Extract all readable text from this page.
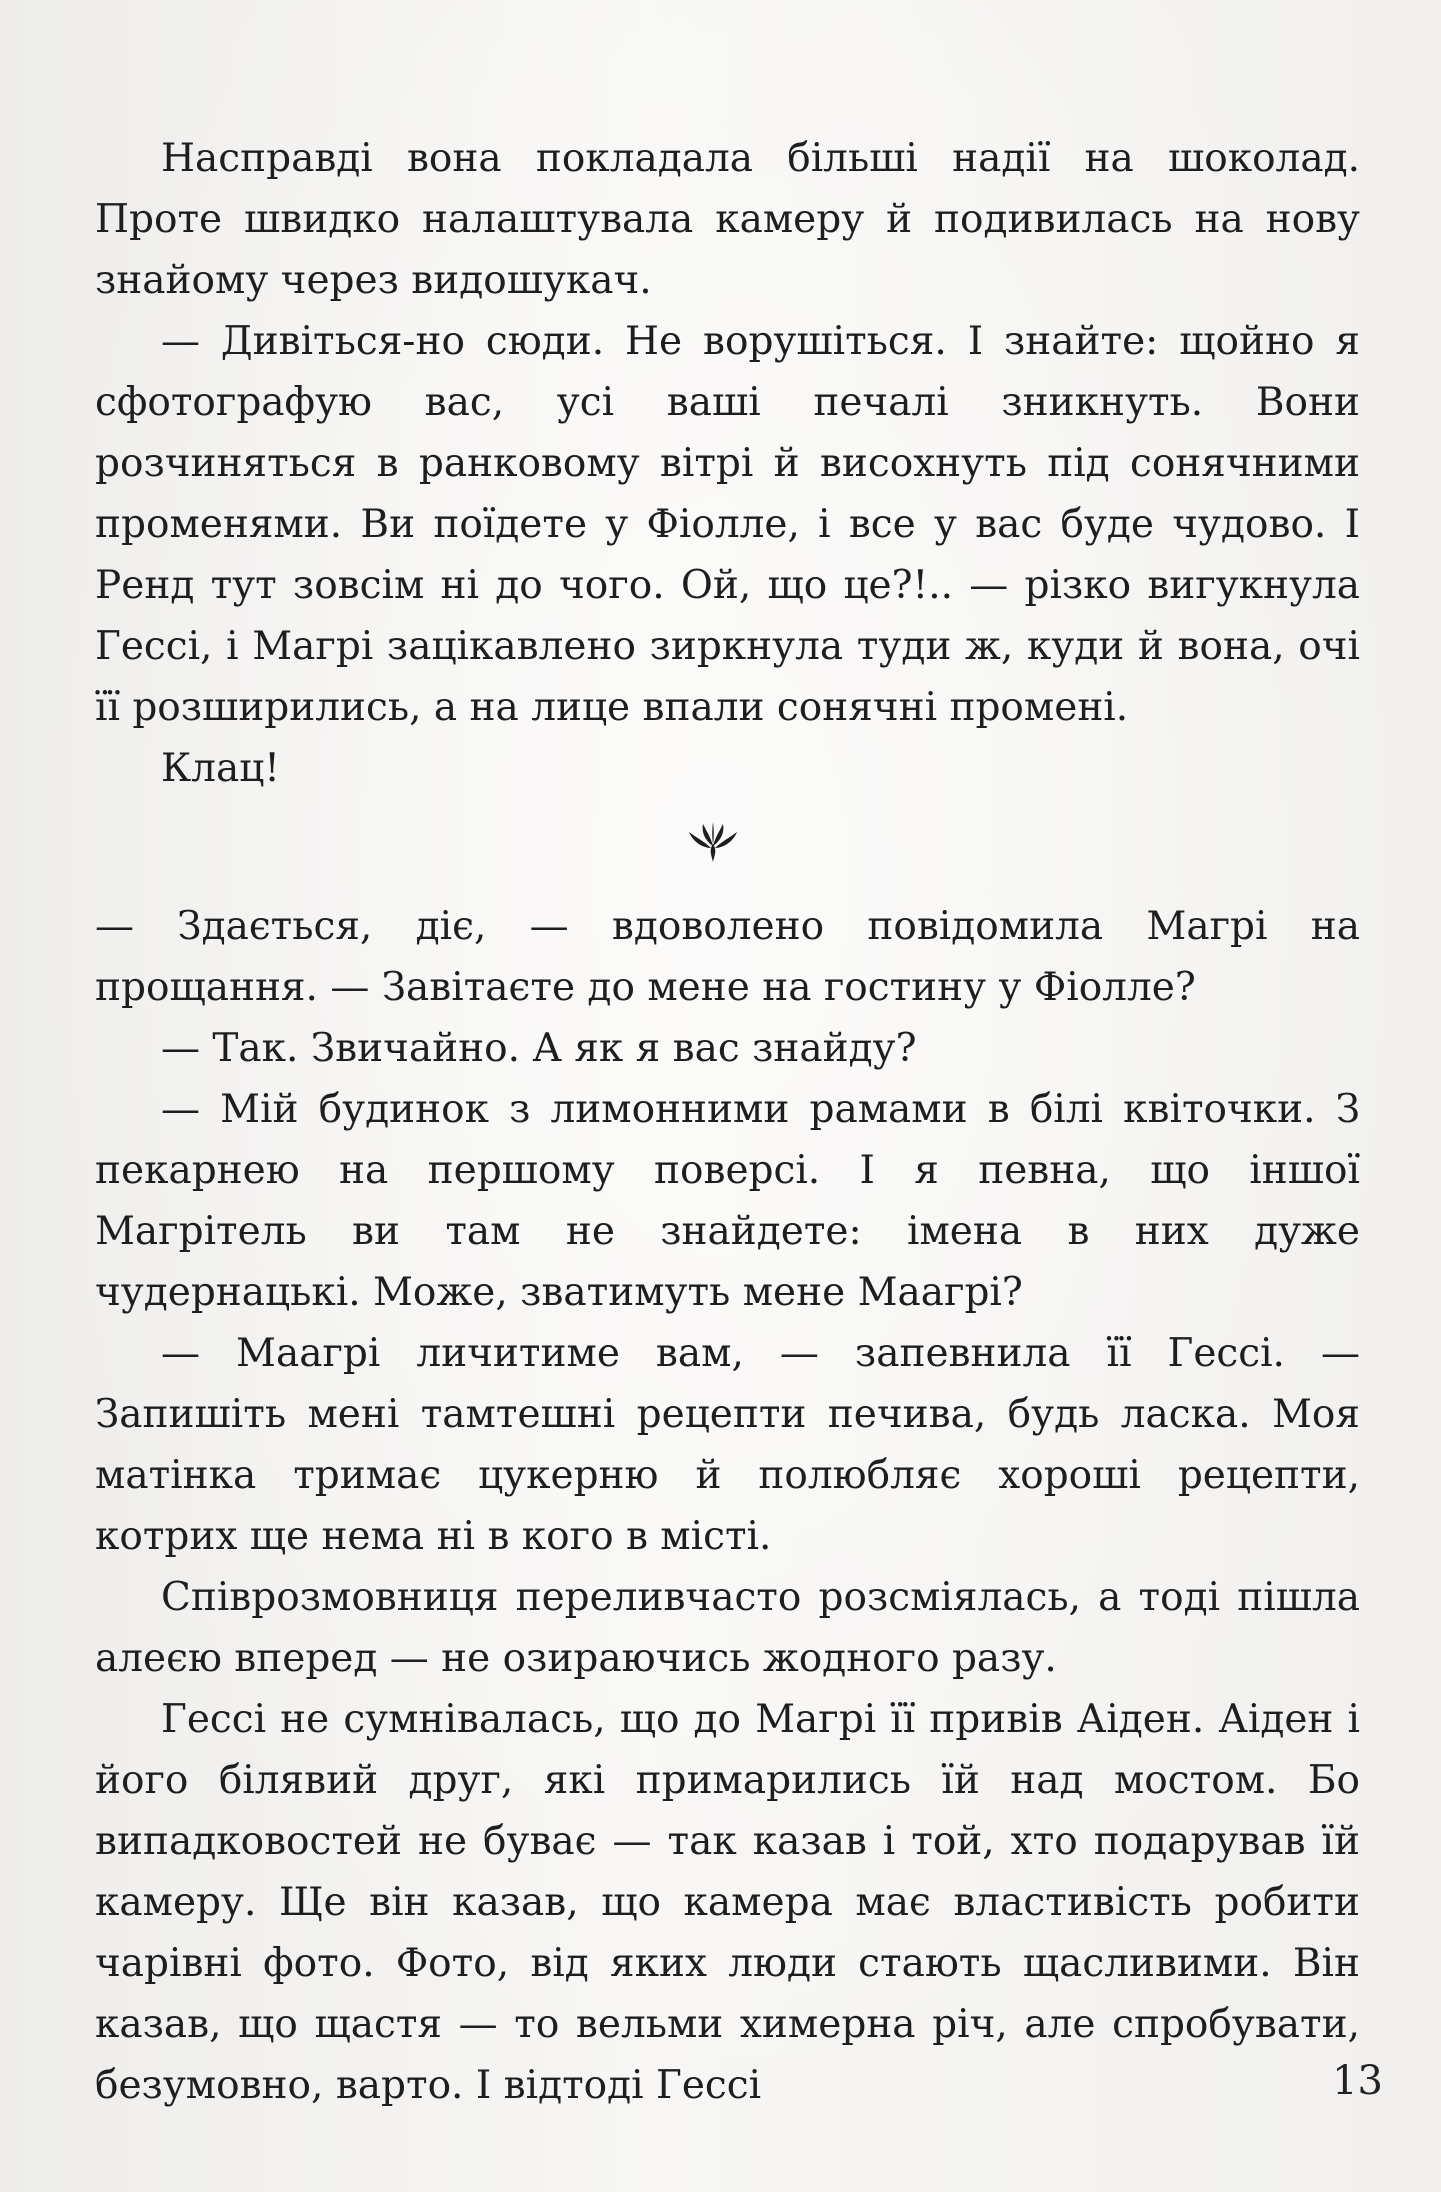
Насправді вона покладала більші надії на шоколад. Проте швидко налаштувала камеру й подивилась на нову знайому через видошукач.

— Дивіться-но сюди. Не ворушіться. І знайте: щойно я сфотографую вас, усі ваші печалі зникнуть. Вони розчиняться в ранковому вітрі й висохнуть під сонячними променями. Ви поїдете у Фіолле, і все у вас буде чудово. І Ренд тут зовсім ні до чого. Ой, що це?!.. — різко вигукнула Гессі, і Магрі зацікавлено зиркнула туди ж, куди й вона, очі її розширились, а на лице впали сонячні промені.

Клац!

— Здається, діє, — вдоволено повідомила Магрі на прощання. — Завітаєте до мене на гостину у Фіолле?

— Так. Звичайно. А як я вас знайду?

— Мій будинок з лимонними рамами в білі квіточки. З пекарнею на першому поверсі. І я певна, що іншої Магрітель ви там не знайдете: імена в них дуже чудернацькі. Може, зватимуть мене Маагрі?

— Маагрі личитиме вам, — запевнила її Гессі. — Запишіть мені тамтешні рецепти печива, будь ласка. Моя матінка тримає цукерню й полюбляє хороші рецепти, котрих ще нема ні в кого в місті.

Співрозмовниця переливчасто розсміялась, а тоді пішла алеєю вперед — не озираючись жодного разу.

Гессі не сумнівалась, що до Магрі її привів Аіден. Аіден і його білявий друг, які примарились їй над мостом. Бо випадковостей не буває — так казав і той, хто подарував їй камеру. Ще він казав, що камера має властивість робити чарівні фото. Фото, від яких люди стають щасливими. Він казав, що щастя — то вельми химерна річ, але спробувати, безумовно, варто. І відтоді Гессі	13
